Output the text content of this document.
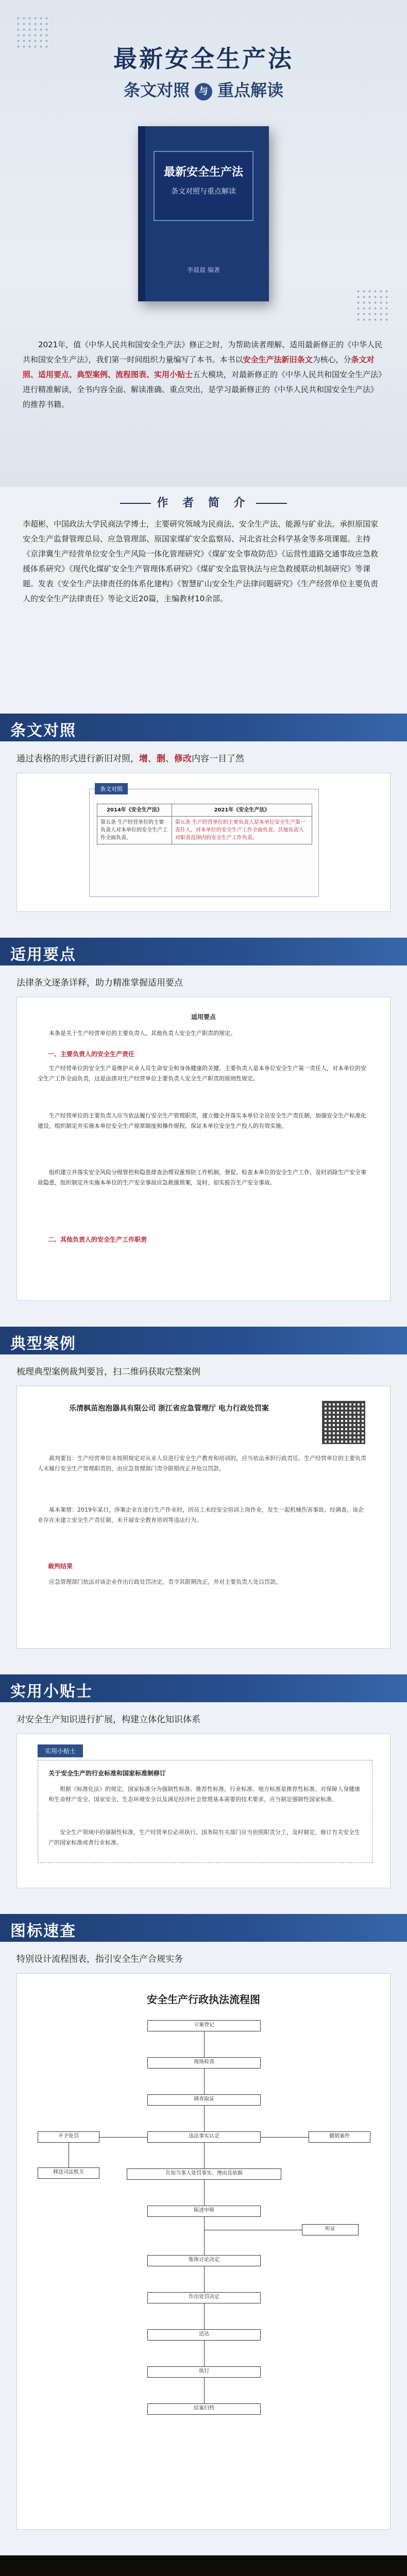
最新安全生产法
条文对照 与 重点解读
最新安全生产法
条文对照与重点解读
李晨晨 编著
2021年，值《中华人民共和国安全生产法》修正之时，为帮助读者理解、适用最新修正的《中华人民共和国安全生产法》，我们第一时间组织力量编写了本书。本书以安全生产法新旧条文为核心，分条文对照、适用要点、典型案例、流程图表、实用小贴士五大模块，对最新修正的《中华人民共和国安全生产法》进行精准解读，全书内容全面、解读准确、重点突出，是学习最新修正的《中华人民共和国安全生产法》的推荐书籍。
作 者 简 介
李超彬，中国政法大学民商法学博士，主要研究领域为民商法、安全生产法、能源与矿业法。承担原国家安全生产监督管理总局、应急管理部、原国家煤矿安全监察局、河北省社会科学基金等多项课题。主持《京津冀生产经营单位安全生产风险一体化管理研究》《煤矿安全事故防范》《运营性道路交通事故应急救援体系研究》《现代化煤矿安全生产管理体系研究》《煤矿安全监管执法与应急救援联动机制研究》等课题。发表《安全生产法律责任的体系化建构》《智慧矿山安全生产法律问题研究》《生产经营单位主要负责人的安全生产法律责任》等论文近20篇，主编教材10余部。
条文对照
通过表格的形式进行新旧对照，增、删、修改内容一目了然
条文对照
2014年《安全生产法》	2021年《安全生产法》
第五条 生产经营单位的主要负责人对本单位的安全生产工作全面负责。	第五条 生产经营单位的主要负责人是本单位安全生产第一责任人，对本单位的安全生产工作全面负责。其他负责人对职责范围内的安全生产工作负责。
适用要点
法律条文逐条详释，助力精准掌握适用要点
适用要点

本条是关于生产经营单位的主要负责人、其他负责人安全生产职责的规定。

一、主要负责人的安全生产责任

生产经营单位的安全生产是维护从业人员生命安全和身体健康的关键。主要负责人是本单位安全生产第一责任人，对本单位的安全生产工作全面负责，这是法律对生产经营单位主要负责人安全生产职责的原则性规定。

生产经营单位的主要负责人应当依法履行安全生产管理职责，建立健全并落实本单位全员安全生产责任制，加强安全生产标准化建设，组织制定并实施本单位安全生产规章制度和操作规程，保证本单位安全生产投入的有效实施。

组织建立并落实安全风险分级管控和隐患排查治理双重预防工作机制，督促、检查本单位的安全生产工作，及时消除生产安全事故隐患，组织制定并实施本单位的生产安全事故应急救援预案，及时、如实报告生产安全事故。

二、其他负责人的安全生产工作职责
典型案例
梳理典型案例裁判要旨，扫二维码获取完整案例
乐清枫苗泡泡器具有限公司 浙江省应急管理厅 电力行政处罚案

裁判要旨：生产经营单位未按照规定对从业人员进行安全生产教育和培训的，应当依法承担行政责任。生产经营单位的主要负责人未履行安全生产管理职责的，由应急管理部门责令限期改正并处以罚款。

基本案情：2019年某日，涉案企业在进行生产作业时，因员工未经安全培训上岗作业，发生一起机械伤害事故。经调查，该企业存在未建立安全生产责任制、未开展安全教育培训等违法行为。

裁判结果

应急管理部门依法对该企业作出行政处罚决定，责令其限期改正，并对主要负责人处以罚款。

实用小贴士
对安全生产知识进行扩展，构建立体化知识体系
实用小贴士
关于安全生产的行业标准和国家标准制修订

根据《标准化法》的规定，国家标准分为强制性标准、推荐性标准，行业标准、地方标准是推荐性标准。对保障人身健康和生命财产安全、国家安全、生态环境安全以及满足经济社会管理基本需要的技术要求，应当制定强制性国家标准。

安全生产领域中的强制性标准，生产经营单位必须执行。国务院有关部门应当依照职责分工，及时制定、修订有关安全生产的国家标准或者行业标准。

图标速查
特别设计流程图表，指引安全生产合规实务
安全生产行政执法流程图
立案登记
现场检查
调查取证
违法事实认定
告知当事人处罚事实、理由及依据
陈述申辩
听证
集体讨论决定
作出处罚决定
送达
执行
结案归档
不予处罚
移送司法机关
撤销案件
